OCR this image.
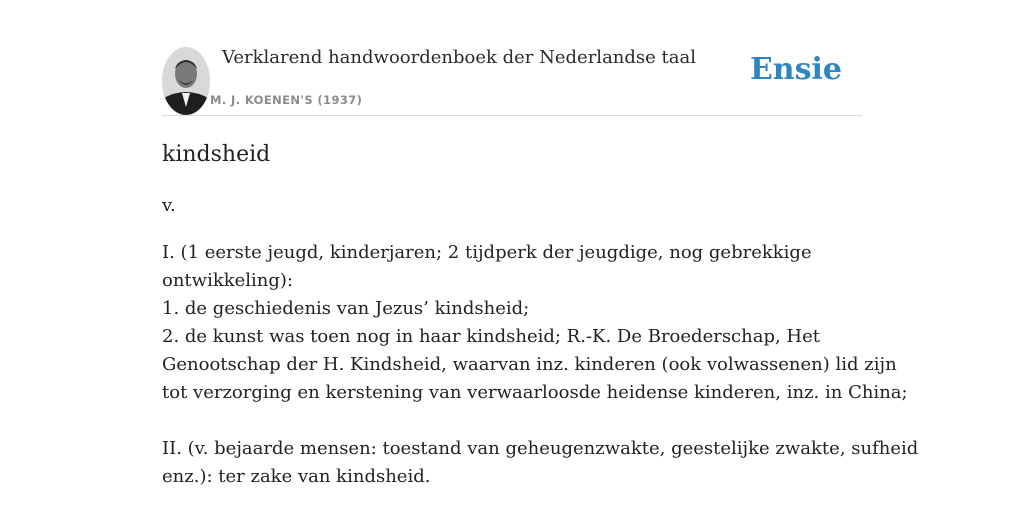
Verklarend handwoordenboek der Nederlandse taal
M. J. KOENEN'S (1937)
Ensie
kindsheid
v.
I. (1 eerste jeugd, kinderjaren; 2 tijdperk der jeugdige, nog gebrekkige
ontwikkeling):
1. de geschiedenis van Jezus’ kindsheid;
2. de kunst was toen nog in haar kindsheid; R.-K. De Broederschap, Het
Genootschap der H. Kindsheid, waarvan inz. kinderen (ook volwassenen) lid zijn
tot verzorging en kerstening van verwaarloosde heidense kinderen, inz. in China;
II. (v. bejaarde mensen: toestand van geheugenzwakte, geestelijke zwakte, sufheid
enz.): ter zake van kindsheid.
